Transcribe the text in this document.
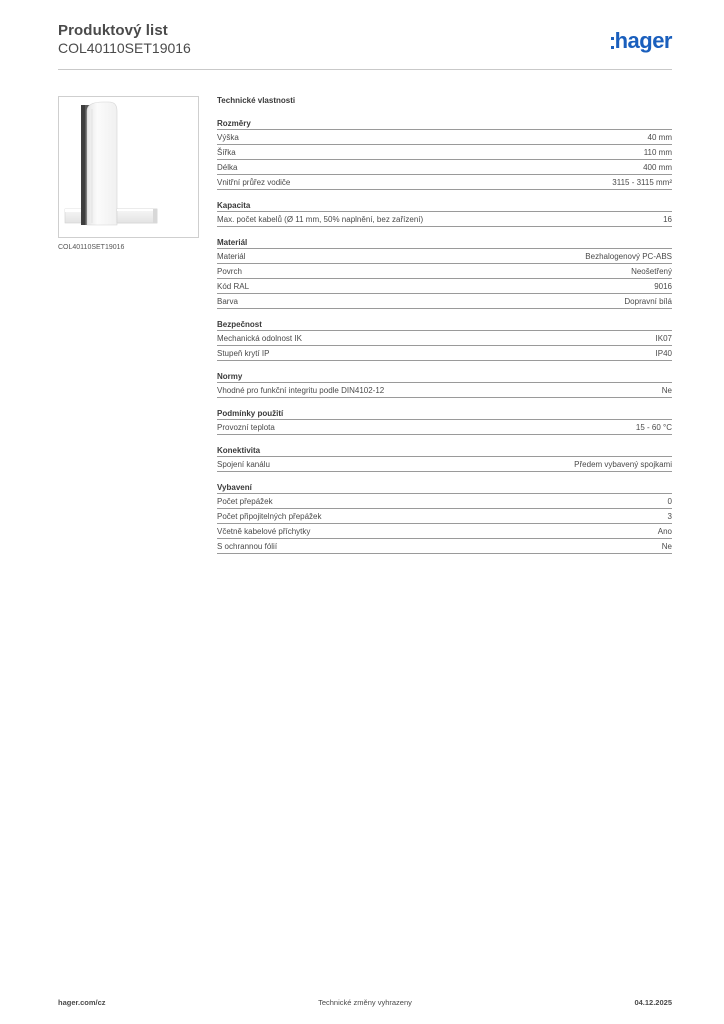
Produktový list
COL40110SET19016	hager
COL40110SET19016
Technické vlastnosti
Rozměry
Výška	40 mm
Šířka	110 mm
Délka	400 mm
Vnitřní průřez vodiče	3115 - 3115 mm²
Kapacita
Max. počet kabelů (Ø 11 mm, 50% naplnění, bez zařízení)	16
Materiál
Materiál	Bezhalogenový PC-ABS
Povrch	Neošetřený
Kód RAL	9016
Barva	Dopravní bílá
Bezpečnost
Mechanická odolnost IK	IK07
Stupeň krytí IP	IP40
Normy
Vhodné pro funkční integritu podle DIN4102-12	Ne
Podmínky použití
Provozní teplota	15 - 60 °C
Konektivita
Spojení kanálu	Předem vybavený spojkami
Vybavení
Počet přepážek	0
Počet připojitelných přepážek	3
Včetně kabelové příchytky	Ano
S ochrannou fólií	Ne
hager.com/cz	Technické změny vyhrazeny	04.12.2025
